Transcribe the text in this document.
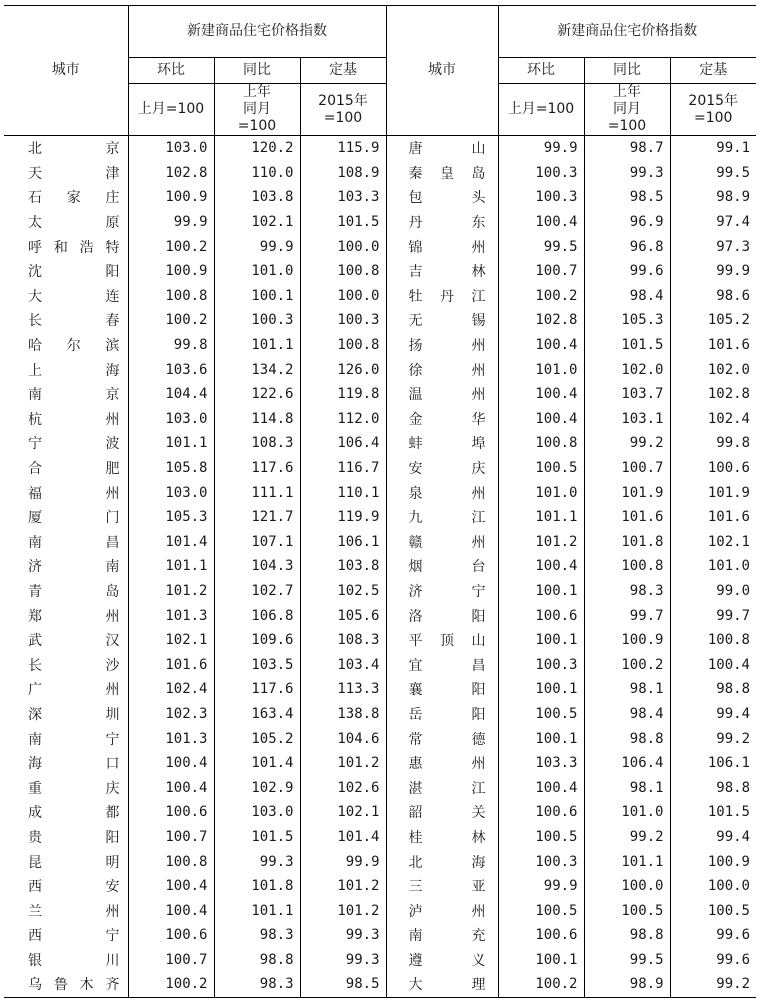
城市	新建商品住宅价格指数			城市	新建商品住宅价格指数		
	环比	同比	定基		环比	同比	定基
	上月=100	上年同月=100	2015年=100		上月=100	上年同月=100	2015年=100
北京	103.0	120.2	115.9	唐山	99.9	98.7	99.1
天津	102.8	110.0	108.9	秦皇岛	100.3	99.3	99.5
石家庄	100.9	103.8	103.3	包头	100.3	98.5	98.9
太原	99.9	102.1	101.5	丹东	100.4	96.9	97.4
呼和浩特	100.2	99.9	100.0	锦州	99.5	96.8	97.3
沈阳	100.9	101.0	100.8	吉林	100.7	99.6	99.9
大连	100.8	100.1	100.0	牡丹江	100.2	98.4	98.6
长春	100.2	100.3	100.3	无锡	102.8	105.3	105.2
哈尔滨	99.8	101.1	100.8	扬州	100.4	101.5	101.6
上海	103.6	134.2	126.0	徐州	101.0	102.0	102.0
南京	104.4	122.6	119.8	温州	100.4	103.7	102.8
杭州	103.0	114.8	112.0	金华	100.4	103.1	102.4
宁波	101.1	108.3	106.4	蚌埠	100.8	99.2	99.8
合肥	105.8	117.6	116.7	安庆	100.5	100.7	100.6
福州	103.0	111.1	110.1	泉州	101.0	101.9	101.9
厦门	105.3	121.7	119.9	九江	101.1	101.6	101.6
南昌	101.4	107.1	106.1	赣州	101.2	101.8	102.1
济南	101.1	104.3	103.8	烟台	100.4	100.8	101.0
青岛	101.2	102.7	102.5	济宁	100.1	98.3	99.0
郑州	101.3	106.8	105.6	洛阳	100.6	99.7	99.7
武汉	102.1	109.6	108.3	平顶山	100.1	100.9	100.8
长沙	101.6	103.5	103.4	宜昌	100.3	100.2	100.4
广州	102.4	117.6	113.3	襄阳	100.1	98.1	98.8
深圳	102.3	163.4	138.8	岳阳	100.5	98.4	99.4
南宁	101.3	105.2	104.6	常德	100.1	98.8	99.2
海口	100.4	101.4	101.2	惠州	103.3	106.4	106.1
重庆	100.4	102.9	102.6	湛江	100.4	98.1	98.8
成都	100.6	103.0	102.1	韶关	100.6	101.0	101.5
贵阳	100.7	101.5	101.4	桂林	100.5	99.2	99.4
昆明	100.8	99.3	99.9	北海	100.3	101.1	100.9
西安	100.4	101.8	101.2	三亚	99.9	100.0	100.0
兰州	100.4	101.1	101.2	泸州	100.5	100.5	100.5
西宁	100.6	98.3	99.3	南充	100.6	98.8	99.6
银川	100.7	98.8	99.3	遵义	100.1	99.5	99.6
乌鲁木齐	100.2	98.3	98.5	大理	100.2	98.9	99.2
